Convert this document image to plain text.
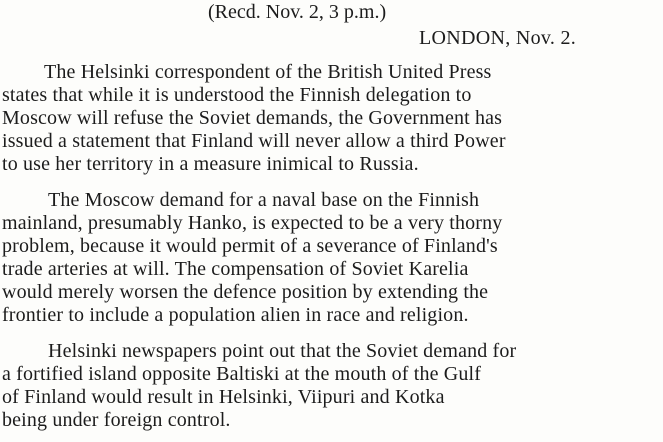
(Recd. Nov. 2, 3 p.m.)
LONDON, Nov. 2.
The Helsinki correspondent of the British United Press
states that while it is understood the Finnish delegation to
Moscow will refuse the Soviet demands, the Government has
issued a statement that Finland will never allow a third Power
to use her territory in a measure inimical to Russia.
The Moscow demand for a naval base on the Finnish
mainland, presumably Hanko, is expected to be a very thorny
problem, because it would permit of a severance of Finland's
trade arteries at will. The compensation of Soviet Karelia
would merely worsen the defence position by extending the
frontier to include a population alien in race and religion.
Helsinki newspapers point out that the Soviet demand for
a fortified island opposite Baltiski at the mouth of the Gulf
of Finland would result in Helsinki, Viipuri and Kotka
being under foreign control.
